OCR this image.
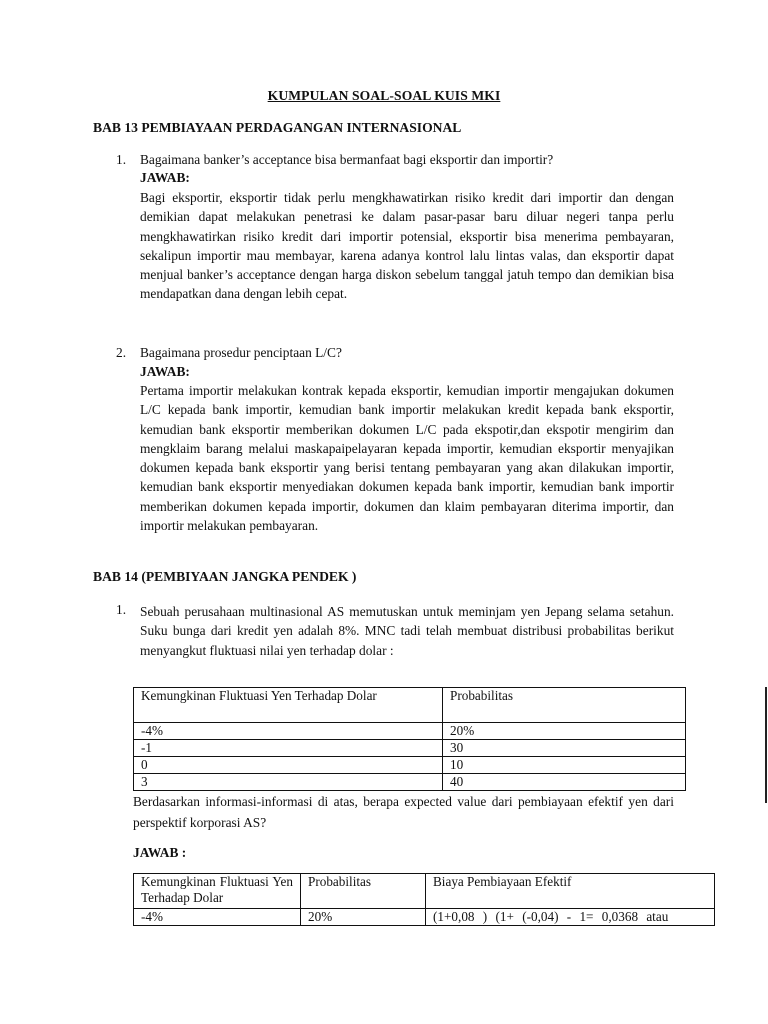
KUMPULAN SOAL-SOAL KUIS MKI
BAB 13 PEMBIAYAAN PERDAGANGAN INTERNASIONAL
1. Bagaimana banker’s acceptance bisa bermanfaat bagi eksportir dan importir?
JAWAB:
Bagi eksportir, eksportir tidak perlu mengkhawatirkan risiko kredit dari importir dan dengan demikian dapat melakukan penetrasi ke dalam pasar-pasar baru diluar negeri tanpa perlu mengkhawatirkan risiko kredit dari importir potensial, eksportir bisa menerima pembayaran, sekalipun importir mau membayar, karena adanya kontrol lalu lintas valas, dan eksportir dapat menjual banker’s acceptance dengan harga diskon sebelum tanggal jatuh tempo dan demikian bisa mendapatkan dana dengan lebih cepat.
2. Bagaimana prosedur penciptaan L/C?
JAWAB:
Pertama importir melakukan kontrak kepada eksportir, kemudian importir mengajukan dokumen L/C kepada bank importir, kemudian bank importir melakukan kredit kepada bank eksportir, kemudian bank eksportir memberikan dokumen L/C pada ekspotir,dan ekspotir mengirim dan mengklaim barang melalui maskapaipelayaran kepada importir, kemudian eksportir menyajikan dokumen kepada bank eksportir yang berisi tentang pembayaran yang akan dilakukan importir, kemudian bank eksportir menyediakan dokumen kepada bank importir, kemudian bank importir memberikan dokumen kepada importir, dokumen dan klaim pembayaran diterima importir, dan importir melakukan pembayaran.
BAB 14 (PEMBIYAAN JANGKA PENDEK )
1. Sebuah perusahaan multinasional AS memutuskan untuk meminjam yen Jepang selama setahun. Suku bunga dari kredit yen adalah 8%. MNC tadi telah membuat distribusi probabilitas berikut menyangkut fluktuasi nilai yen terhadap dolar :
Kemungkinan Fluktuasi Yen Terhadap Dolar	Probabilitas
-4%	20%
-1	30
0	10
3	40
Berdasarkan informasi-informasi di atas, berapa expected value dari pembiayaan efektif yen dari perspektif korporasi AS?
JAWAB :
Kemungkinan Fluktuasi Yen Terhadap Dolar	Probabilitas	Biaya Pembiayaan Efektif
-4%	20%	(1+0,08 ) (1+ (-0,04) - 1= 0,0368 atau
